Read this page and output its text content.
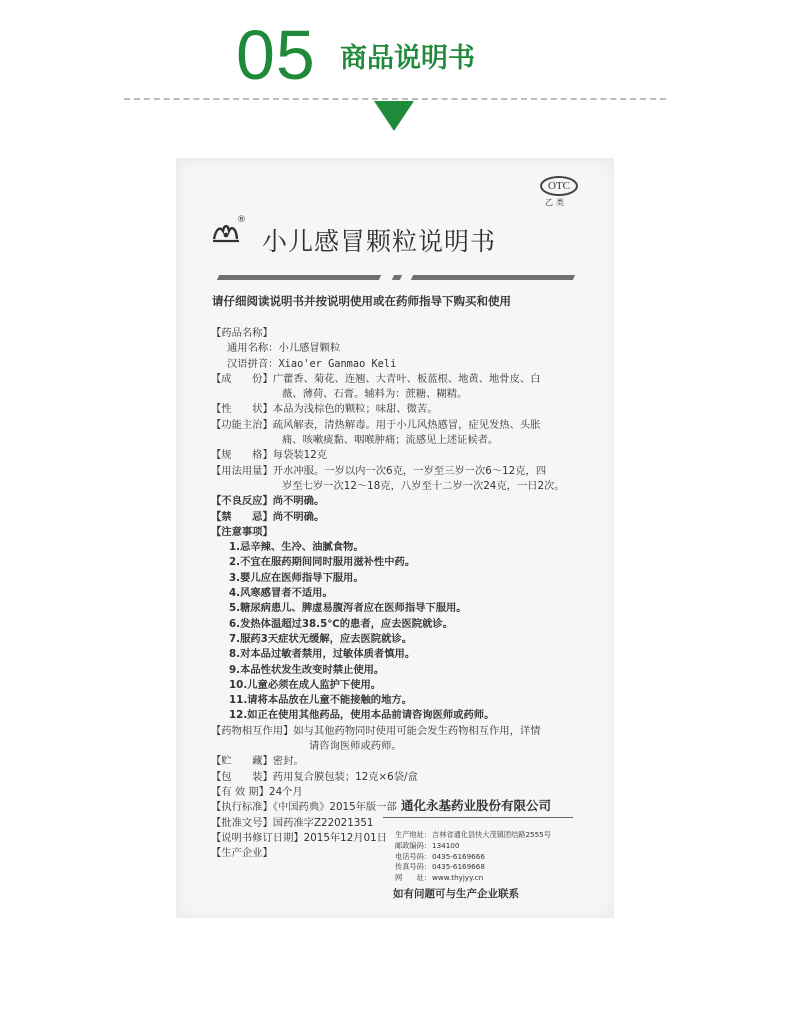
05 商品说明书
OTC
乙类
®
小儿感冒颗粒说明书
请仔细阅读说明书并按说明使用或在药师指导下购买和使用
【药品名称】
通用名称：小儿感冒颗粒
汉语拼音：Xiao'er Ganmao Keli
【成　　份】广藿香、菊花、连翘、大青叶、板蓝根、地黄、地骨皮、白
薇、薄荷、石膏。辅料为：蔗糖、糊精。
【性　　状】本品为浅棕色的颗粒；味甜、微苦。
【功能主治】疏风解表，清热解毒。用于小儿风热感冒，症见发热、头胀
痛、咳嗽痰黏、咽喉肿痛；流感见上述证候者。
【规　　格】每袋装12克
【用法用量】开水冲服。一岁以内一次6克，一岁至三岁一次6～12克，四
岁至七岁一次12～18克，八岁至十二岁一次24克，一日2次。
【不良反应】尚不明确。
【禁　　忌】尚不明确。
【注意事项】
1.忌辛辣、生冷、油腻食物。
2.不宜在服药期间同时服用滋补性中药。
3.婴儿应在医师指导下服用。
4.风寒感冒者不适用。
5.糖尿病患儿、脾虚易腹泻者应在医师指导下服用。
6.发热体温超过38.5℃的患者，应去医院就诊。
7.服药3天症状无缓解，应去医院就诊。
8.对本品过敏者禁用，过敏体质者慎用。
9.本品性状发生改变时禁止使用。
10.儿童必须在成人监护下使用。
11.请将本品放在儿童不能接触的地方。
12.如正在使用其他药品，使用本品前请咨询医师或药师。
【药物相互作用】如与其他药物同时使用可能会发生药物相互作用，详情
请咨询医师或药师。
【贮　　藏】密封。
【包　　装】药用复合膜包装；12克×6袋/盒
【有 效 期】24个月
【执行标准】《中国药典》2015年版一部
【批准文号】国药准字Z22021351
【说明书修订日期】2015年12月01日
【生产企业】
通化永基药业股份有限公司
生产地址：吉林省通化县快大茂镇团结路2555号
邮政编码：134100
电话号码：0435-6169666
传真号码：0435-6169668
网　　址：www.thyjyy.cn
如有问题可与生产企业联系
